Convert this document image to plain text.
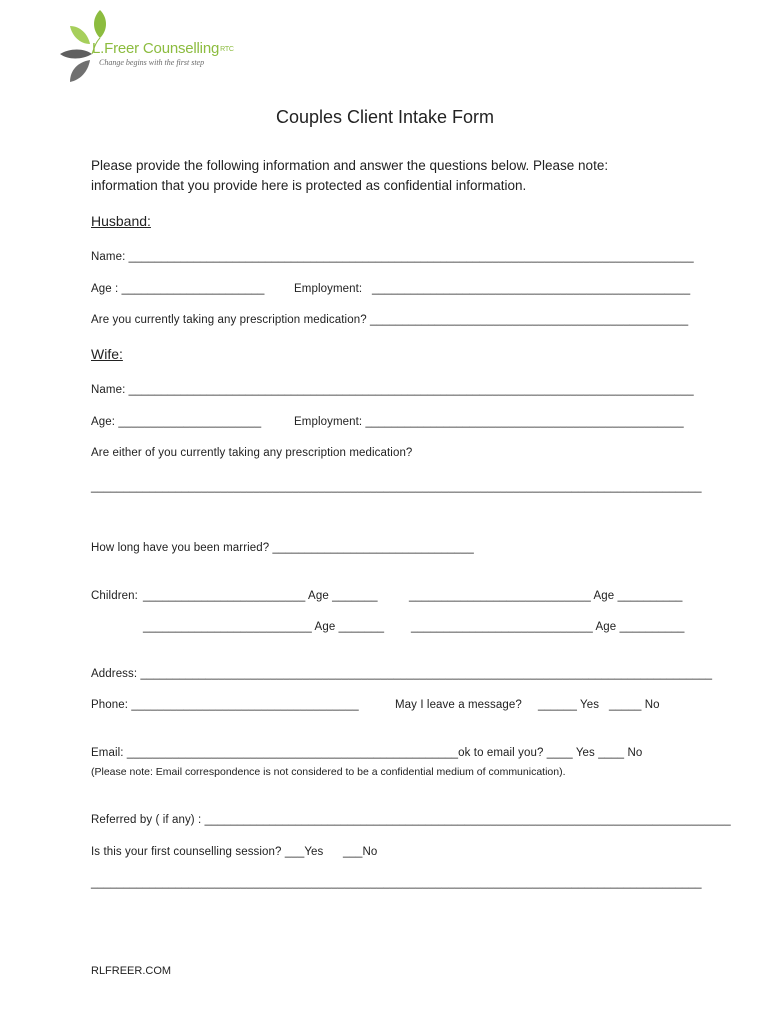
L.Freer CounsellingRTC
Change begins with the first step
Couples Client Intake Form
Please provide the following information and answer the questions below. Please note:
information that you provide here is protected as confidential information.
Husband:
Name: _______________________________________________________________________________________
Age : ______________________	Employment: _________________________________________________
Are you currently taking any prescription medication? _________________________________________________
Wife:
Name: _______________________________________________________________________________________
Age: ______________________	Employment: _________________________________________________
Are either of you currently taking any prescription medication?
______________________________________________________________________________________________
How long have you been married? _______________________________
Children: _________________________ Age _______	____________________________ Age __________
__________________________ Age _______ ____________________________ Age __________
Address: ________________________________________________________________________________________
Phone: ___________________________________	May I leave a message? ______ Yes _____ No
Email: ___________________________________________________ok to email you? ____ Yes ____ No
(Please note: Email correspondence is not considered to be a confidential medium of communication).
Referred by ( if any) : _________________________________________________________________________________
Is this your first counselling session? ___Yes ___No
______________________________________________________________________________________________
RLFREER.COM
